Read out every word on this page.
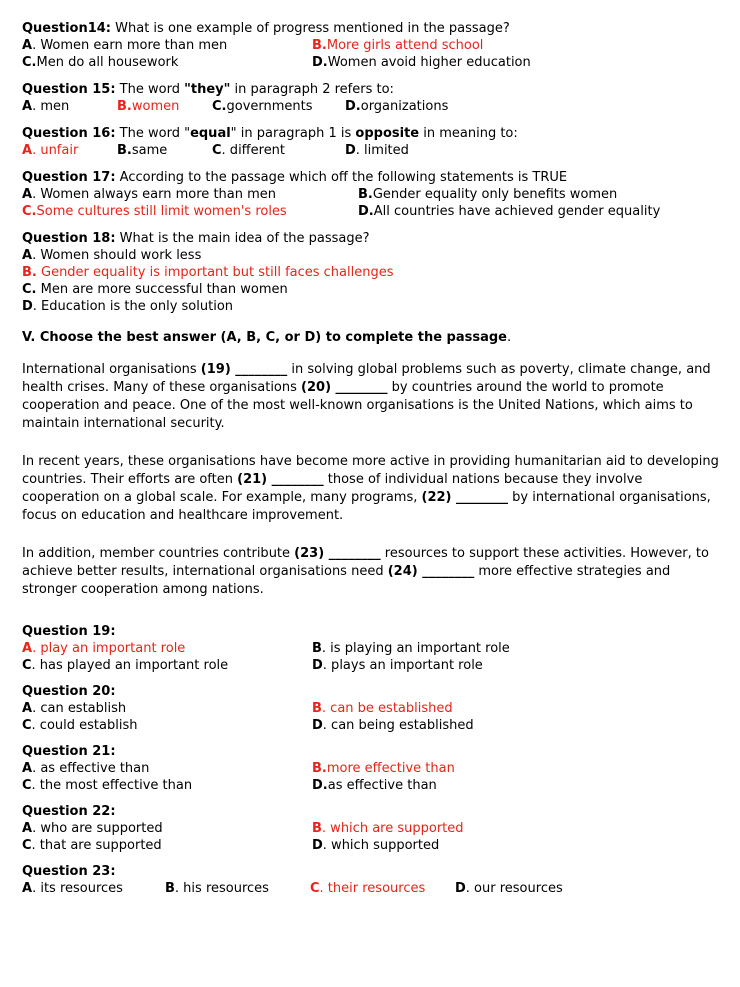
Question14: What is one example of progress mentioned in the passage?
A. Women earn more than men	B.More girls attend school
C.Men do all housework	D.Women avoid higher education
Question 15: The word "they" in paragraph 2 refers to:
A. men	B.women	C.governments	D.organizations
Question 16: The word "equal" in paragraph 1 is opposite in meaning to:
A. unfair	B.same	C. different	D. limited
Question 17: According to the passage which off the following statements is TRUE
A. Women always earn more than men	B.Gender equality only benefits women
C.Some cultures still limit women's roles	D.All countries have achieved gender equality
Question 18: What is the main idea of the passage?
A. Women should work less
B. Gender equality is important but still faces challenges
C. Men are more successful than women
D. Education is the only solution
V. Choose the best answer (A, B, C, or D) to complete the passage.

International organisations (19) ________ in solving global problems such as poverty, climate change, and health crises. Many of these organisations (20) ________ by countries around the world to promote cooperation and peace. One of the most well-known organisations is the United Nations, which aims to maintain international security.

In recent years, these organisations have become more active in providing humanitarian aid to developing countries. Their efforts are often (21) ________ those of individual nations because they involve cooperation on a global scale. For example, many programs, (22) ________ by international organisations, focus on education and healthcare improvement.

In addition, member countries contribute (23) ________ resources to support these activities. However, to achieve better results, international organisations need (24) ________ more effective strategies and stronger cooperation among nations.

Question 19:
A. play an important role	B. is playing an important role
C. has played an important role	D. plays an important role
Question 20:
A. can establish	B. can be established
C. could establish	D. can being established
Question 21:
A. as effective than	B.more effective than
C. the most effective than	D.as effective than
Question 22:
A. who are supported	B. which are supported
C. that are supported	D. which supported
Question 23:
A. its resources	B. his resources	C. their resources	D. our resources
